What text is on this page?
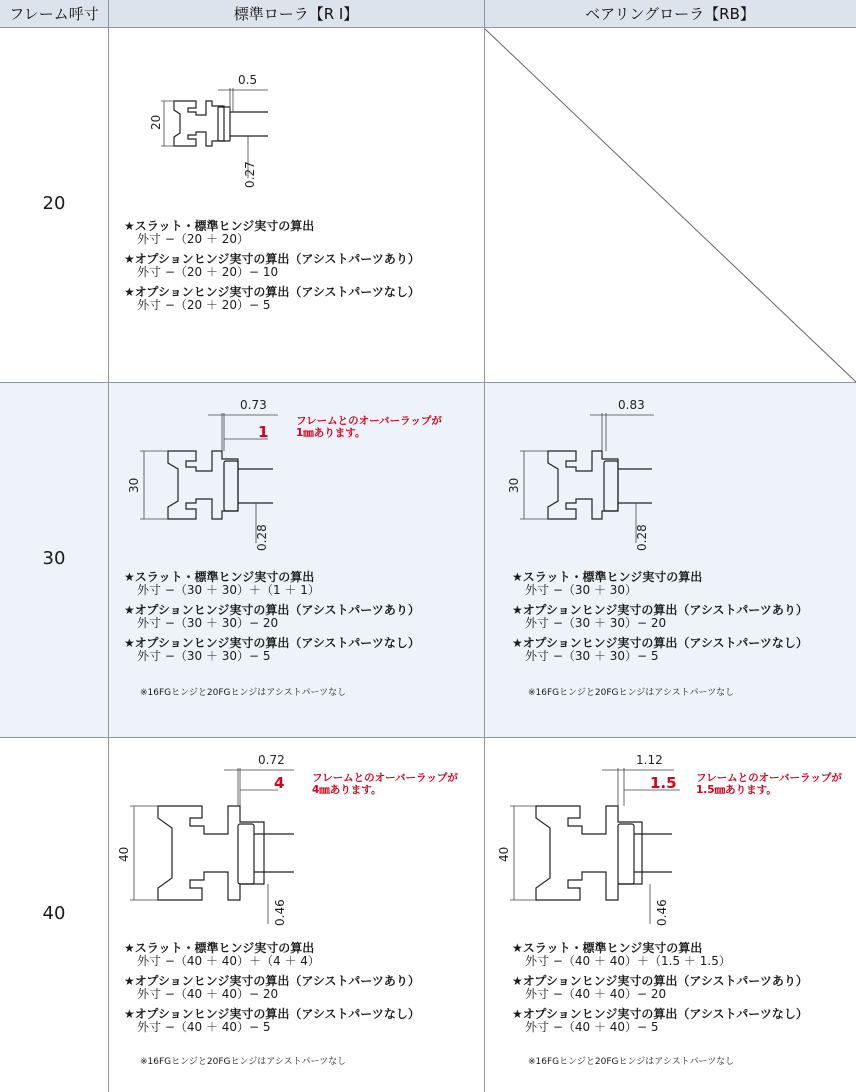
フレーム呼寸	標準ローラ【R I】	ベアリングローラ【RB】
20
0.5
20
0.27
★スラット・標準ヒンジ実寸の算出
外寸 −（20 ＋ 20）
★オプションヒンジ実寸の算出（アシストパーツあり）
外寸 −（20 ＋ 20）− 10
★オプションヒンジ実寸の算出（アシストパーツなし）
外寸 −（20 ＋ 20）− 5
30
0.73
1
30
0.28
フレームとのオーバーラップが
1㎜あります。
★スラット・標準ヒンジ実寸の算出
外寸 −（30 ＋ 30）＋（1 ＋ 1）
★オプションヒンジ実寸の算出（アシストパーツあり）
外寸 −（30 ＋ 30）− 20
★オプションヒンジ実寸の算出（アシストパーツなし）
外寸 −（30 ＋ 30）− 5
※16FGヒンジと20FGヒンジはアシストパーツなし
0.83
30
0.28
★スラット・標準ヒンジ実寸の算出
外寸 −（30 ＋ 30）
★オプションヒンジ実寸の算出（アシストパーツあり）
外寸 −（30 ＋ 30）− 20
★オプションヒンジ実寸の算出（アシストパーツなし）
外寸 −（30 ＋ 30）− 5
※16FGヒンジと20FGヒンジはアシストパーツなし
40
0.72
4
40
0.46
フレームとのオーバーラップが
4㎜あります。
★スラット・標準ヒンジ実寸の算出
外寸 −（40 ＋ 40）＋（4 ＋ 4）
★オプションヒンジ実寸の算出（アシストパーツあり）
外寸 −（40 ＋ 40）− 20
★オプションヒンジ実寸の算出（アシストパーツなし）
外寸 −（40 ＋ 40）− 5
※16FGヒンジと20FGヒンジはアシストパーツなし
1.12
1.5
40
0.46
フレームとのオーバーラップが
1.5㎜あります。
★スラット・標準ヒンジ実寸の算出
外寸 −（40 ＋ 40）＋（1.5 ＋ 1.5）
★オプションヒンジ実寸の算出（アシストパーツあり）
外寸 −（40 ＋ 40）− 20
★オプションヒンジ実寸の算出（アシストパーツなし）
外寸 −（40 ＋ 40）− 5
※16FGヒンジと20FGヒンジはアシストパーツなし
